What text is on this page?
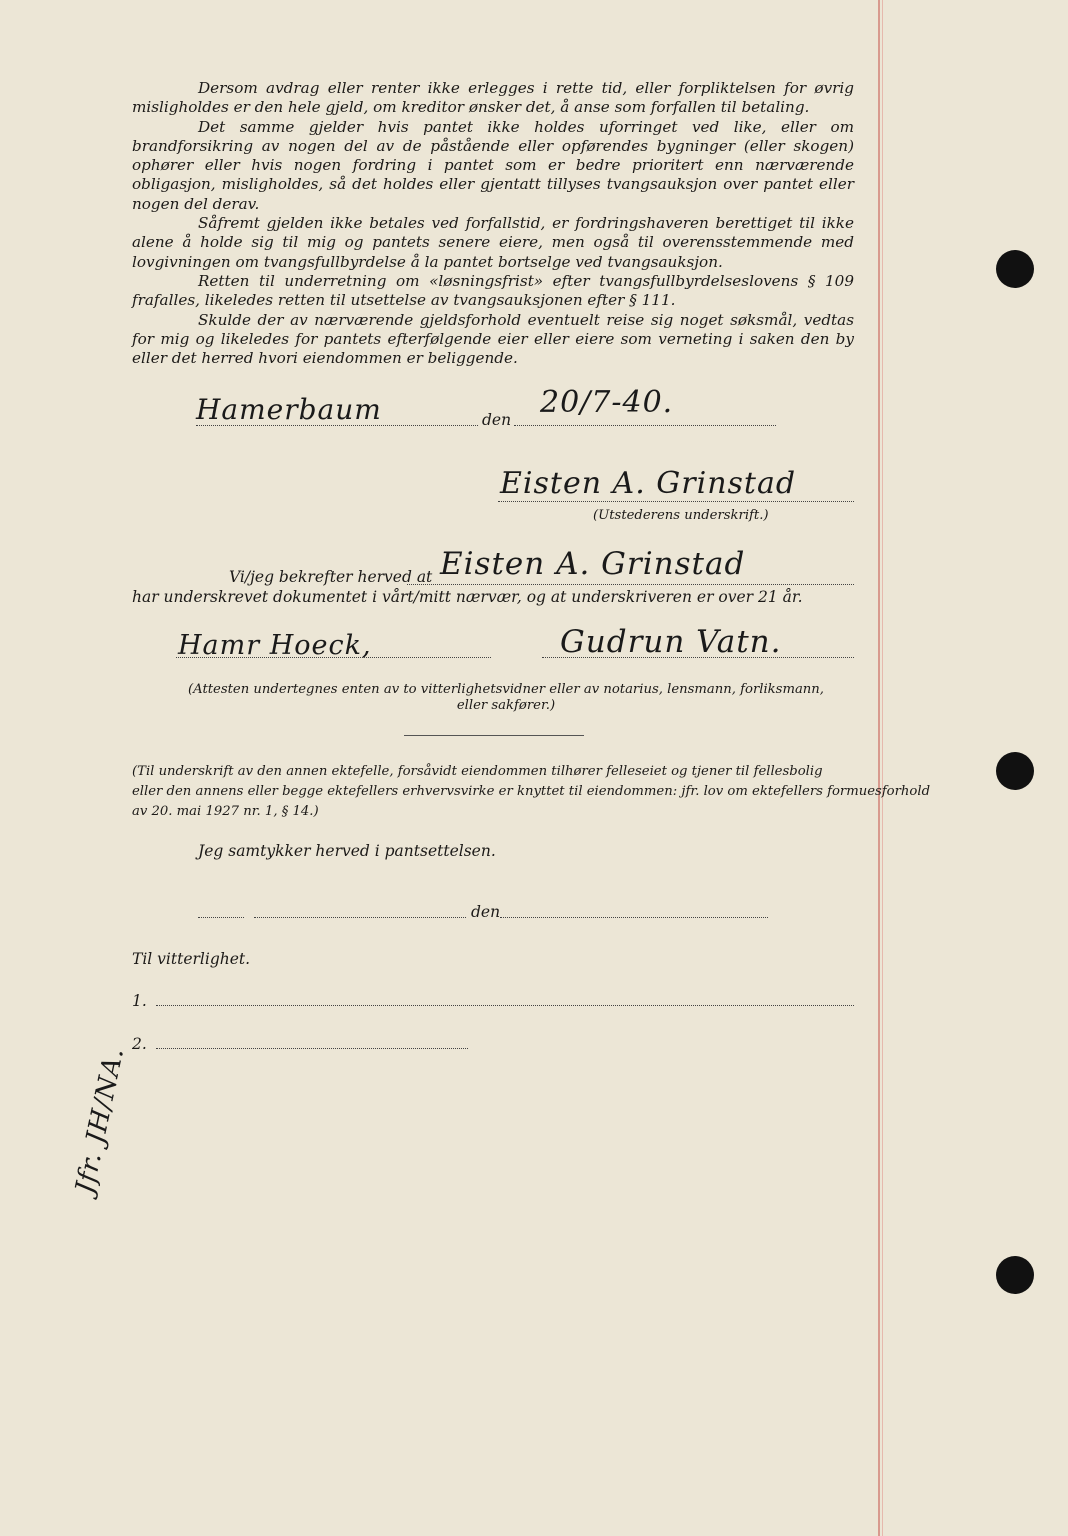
Dersom avdrag eller renter ikke erlegges i rette tid, eller forpliktelsen for øvrig misligholdes er den hele gjeld, om kreditor ønsker det, å anse som forfallen til betaling.

Det samme gjelder hvis pantet ikke holdes uforringet ved like, eller om brandforsikring av nogen del av de påstående eller opførendes bygninger (eller skogen) ophører eller hvis nogen fordring i pantet som er bedre prioritert enn nærværende obligasjon, misligholdes, så det holdes eller gjentatt tillyses tvangsauksjon over pantet eller nogen del derav.

Såfremt gjelden ikke betales ved forfallstid, er fordringshaveren berettiget til ikke alene å holde sig til mig og pantets senere eiere, men også til overensstemmende med lovgivningen om tvangsfullbyrdelse å la pantet bortselge ved tvangsauksjon.

Retten til underretning om «løsningsfrist» efter tvangsfullbyrdelseslovens § 109 frafalles, likeledes retten til utsettelse av tvangsauksjonen efter § 111.

Skulde der av nærværende gjeldsforhold eventuelt reise sig noget søksmål, vedtas for mig og likeledes for pantets efterfølgende eier eller eiere som verneting i saken den by eller det herred hvori eiendommen er beliggende.

Hamerbaum	den 20/7-40.
Eisten A. Grinstad
(Utstederens underskrift.)
Vi/jeg bekrefter herved at Eisten A. Grinstad
har underskrevet dokumentet i vårt/mitt nærvær, og at underskriveren er over 21 år.
Hamr Hoeck,	Gudrun Vatn.
(Attesten undertegnes enten av to vitterlighetsvidner eller av notarius, lensmann, forliksmann,
eller sakfører.)
(Til underskrift av den annen ektefelle, forsåvidt eiendommen tilhører felleseiet og tjener til fellesbolig
eller den annens eller begge ektefellers erhvervsvirke er knyttet til eiendommen: jfr. lov om ektefellers formuesforhold
av 20. mai 1927 nr. 1, § 14.)
Jeg samtykker herved i pantsettelsen.
den
Til vitterlighet.
1.
2.
Jfr. JH/NA.
